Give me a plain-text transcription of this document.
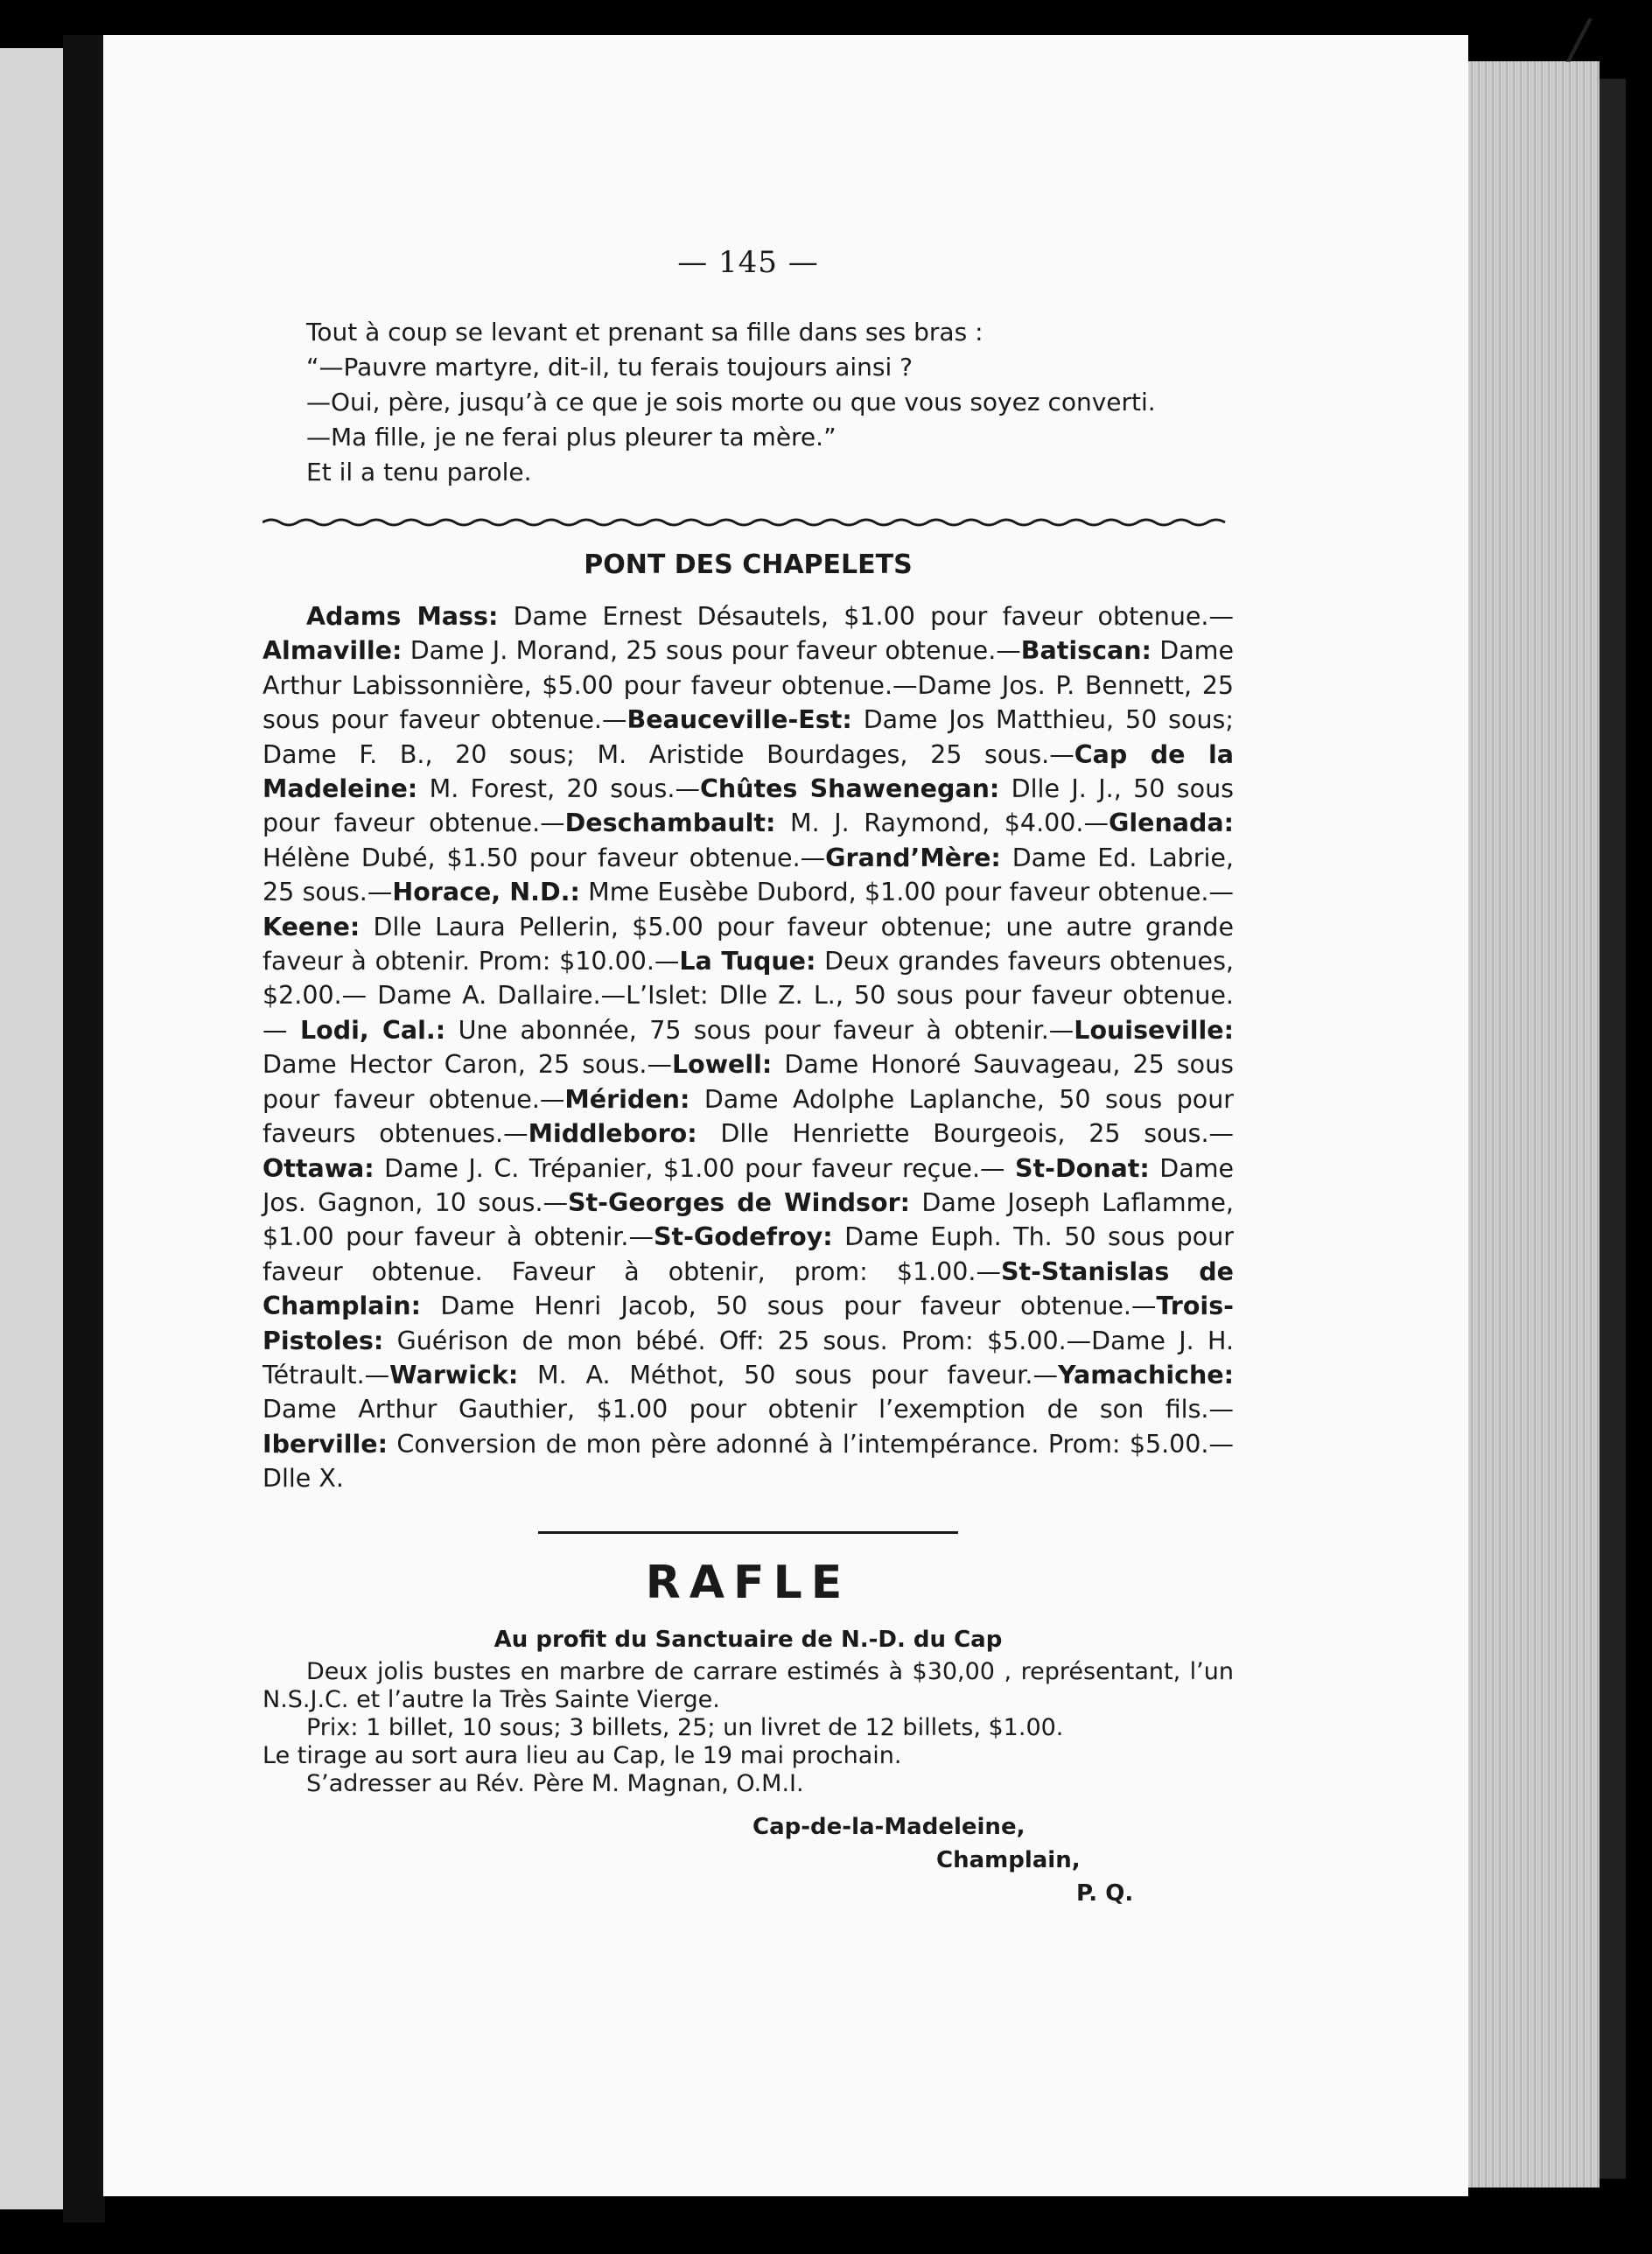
/

— 145 —

Tout à coup se levant et prenant sa fille dans ses bras :

“—Pauvre martyre, dit-il, tu ferais toujours ainsi ?

—Oui, père, jusqu’à ce que je sois morte ou que vous soyez converti.

—Ma fille, je ne ferai plus pleurer ta mère.”

Et il a tenu parole.

PONT DES CHAPELETS

Adams Mass: Dame Ernest Désautels, $1.00 pour faveur obtenue.—Almaville: Dame J. Morand, 25 sous pour faveur obtenue.—Batiscan: Dame Arthur Labissonnière, $5.00 pour faveur obtenue.—Dame Jos. P. Bennett, 25 sous pour faveur obtenue.—Beauceville-Est: Dame Jos Matthieu, 50 sous; Dame F. B., 20 sous; M. Aristide Bourdages, 25 sous.—Cap de la Madeleine: M. Forest, 20 sous.—Chûtes Shawenegan: Dlle J. J., 50 sous pour faveur obtenue.—Deschambault: M. J. Raymond, $4.00.—Glenada: Hélène Dubé, $1.50 pour faveur obtenue.—Grand’Mère: Dame Ed. Labrie, 25 sous.—Horace, N.D.: Mme Eusèbe Dubord, $1.00 pour faveur obtenue.—Keene: Dlle Laura Pellerin, $5.00 pour faveur obtenue; une autre grande faveur à obtenir. Prom: $10.00.—La Tuque: Deux grandes faveurs obtenues, $2.00.— Dame A. Dallaire.—L’Islet: Dlle Z. L., 50 sous pour faveur obtenue. — Lodi, Cal.: Une abonnée, 75 sous pour faveur à obtenir.—Louiseville: Dame Hector Caron, 25 sous.—Lowell: Dame Honoré Sauvageau, 25 sous pour faveur obtenue.—Mériden: Dame Adolphe Laplanche, 50 sous pour faveurs obtenues.—Middleboro: Dlle Henriette Bourgeois, 25 sous.—Ottawa: Dame J. C. Trépanier, $1.00 pour faveur reçue.— St-Donat: Dame Jos. Gagnon, 10 sous.—St-Georges de Windsor: Dame Joseph Laflamme, $1.00 pour faveur à obtenir.—St-Godefroy: Dame Euph. Th. 50 sous pour faveur obtenue. Faveur à obtenir, prom: $1.00.—St-Stanislas de Champlain: Dame Henri Jacob, 50 sous pour faveur obtenue.—Trois-Pistoles: Guérison de mon bébé. Off: 25 sous. Prom: $5.00.—Dame J. H. Tétrault.—Warwick: M. A. Méthot, 50 sous pour faveur.—Yamachiche: Dame Arthur Gauthier, $1.00 pour obtenir l’exemption de son fils.—Iberville: Conversion de mon père adonné à l’intempérance. Prom: $5.00.—Dlle X.

RAFLE

Au profit du Sanctuaire de N.-D. du Cap

Deux jolis bustes en marbre de carrare estimés à $30,00 , représentant, l’un N.S.J.C. et l’autre la Très Sainte Vierge.

Prix: 1 billet, 10 sous; 3 billets, 25; un livret de 12 billets, $1.00.

Le tirage au sort aura lieu au Cap, le 19 mai prochain.

S’adresser au Rév. Père M. Magnan, O.M.I.

Cap-de-la-Madeleine,

Champlain,

P. Q.
